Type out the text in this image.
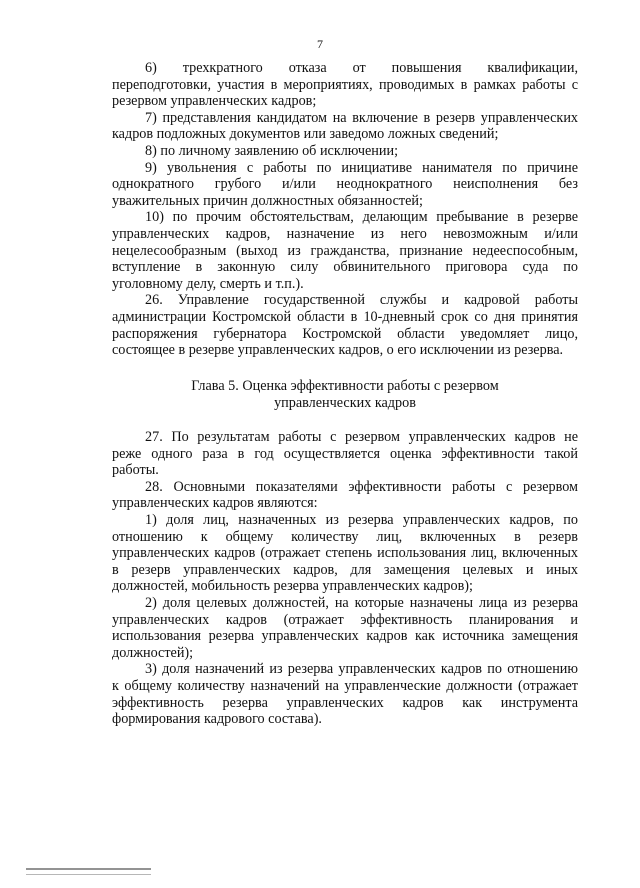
7
6) трехкратного отказа от повышения квалификации,
переподготовки, участия в мероприятиях, проводимых в рамках работы с
резервом управленческих кадров;
7) представления кандидатом на включение в резерв управленческих
кадров подложных документов или заведомо ложных сведений;
8) по личному заявлению об исключении;
9) увольнения с работы по инициативе нанимателя по причине
однократного грубого и/или неоднократного неисполнения без
уважительных причин должностных обязанностей;
10) по прочим обстоятельствам, делающим пребывание в резерве
управленческих кадров, назначение из него невозможным и/или
нецелесообразным (выход из гражданства, признание недееспособным,
вступление в законную силу обвинительного приговора суда по
уголовному делу, смерть и т.п.).
26. Управление государственной службы и кадровой работы
администрации Костромской области в 10-дневный срок со дня принятия
распоряжения губернатора Костромской области уведомляет лицо,
состоящее в резерве управленческих кадров, о его исключении из резерва.
Глава 5. Оценка эффективности работы с резервом
управленческих кадров
27. По результатам работы с резервом управленческих кадров не
реже одного раза в год осуществляется оценка эффективности такой
работы.
28. Основными показателями эффективности работы с резервом
управленческих кадров являются:
1) доля лиц, назначенных из резерва управленческих кадров, по
отношению к общему количеству лиц, включенных в резерв
управленческих кадров (отражает степень использования лиц, включенных
в резерв управленческих кадров, для замещения целевых и иных
должностей, мобильность резерва управленческих кадров);
2) доля целевых должностей, на которые назначены лица из резерва
управленческих кадров (отражает эффективность планирования и
использования резерва управленческих кадров как источника замещения
должностей);
3) доля назначений из резерва управленческих кадров по отношению
к общему количеству назначений на управленческие должности (отражает
эффективность резерва управленческих кадров как инструмента
формирования кадрового состава).
